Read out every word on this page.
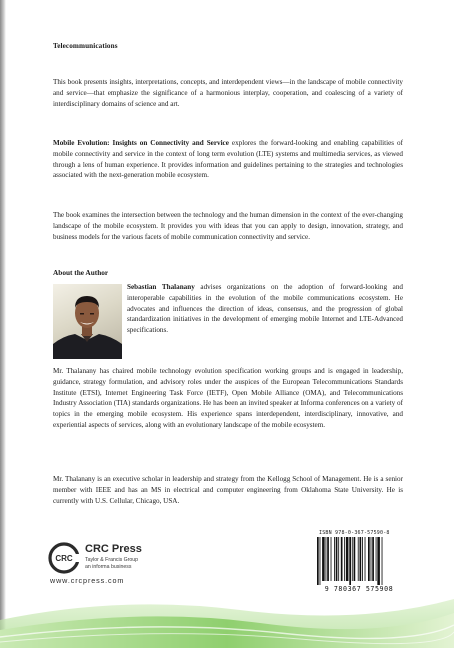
Telecommunications

This book presents insights, interpretations, concepts, and interdependent views—in the landscape of mobile connectivity and service—that emphasize the significance of a harmonious interplay, cooperation, and coalescing of a variety of interdisciplinary domains of science and art.

Mobile Evolution: Insights on Connectivity and Service explores the forward-looking and enabling capabilities of mobile connectivity and service in the context of long term evolution (LTE) systems and multimedia services, as viewed through a lens of human experience. It provides information and guidelines pertaining to the strategies and technologies associated with the next-generation mobile ecosystem.

The book examines the intersection between the technology and the human dimension in the context of the ever-changing landscape of the mobile ecosystem. It provides you with ideas that you can apply to design, innovation, strategy, and business models for the various facets of mobile communication connectivity and service.

About the Author

Sebastian Thalanany advises organizations on the adoption of forward-looking and interoperable capabilities in the evolution of the mobile communications ecosystem. He advocates and influences the direction of ideas, consensus, and the progression of global standardization initiatives in the development of emerging mobile Internet and LTE-Advanced specifications.

Mr. Thalanany has chaired mobile technology evolution specification working groups and is engaged in leadership, guidance, strategy formulation, and advisory roles under the auspices of the European Telecommunications Standards Institute (ETSI), Internet Engineering Task Force (IETF), Open Mobile Alliance (OMA), and Telecommunications Industry Association (TIA) standards organizations. He has been an invited speaker at Informa conferences on a variety of topics in the emerging mobile ecosystem. His experience spans interdependent, interdisciplinary, innovative, and experiential aspects of services, along with an evolutionary landscape of the mobile ecosystem.

Mr. Thalanany is an executive scholar in leadership and strategy from the Kellogg School of Management. He is a senior member with IEEE and has an MS in electrical and computer engineering from Oklahoma State University. He is currently with U.S. Cellular, Chicago, USA.

CRC
CRC Press
Taylor & Francis Group
an informa business
www.crcpress.com
ISBN 978-0-367-57590-8
9 780367 575908
